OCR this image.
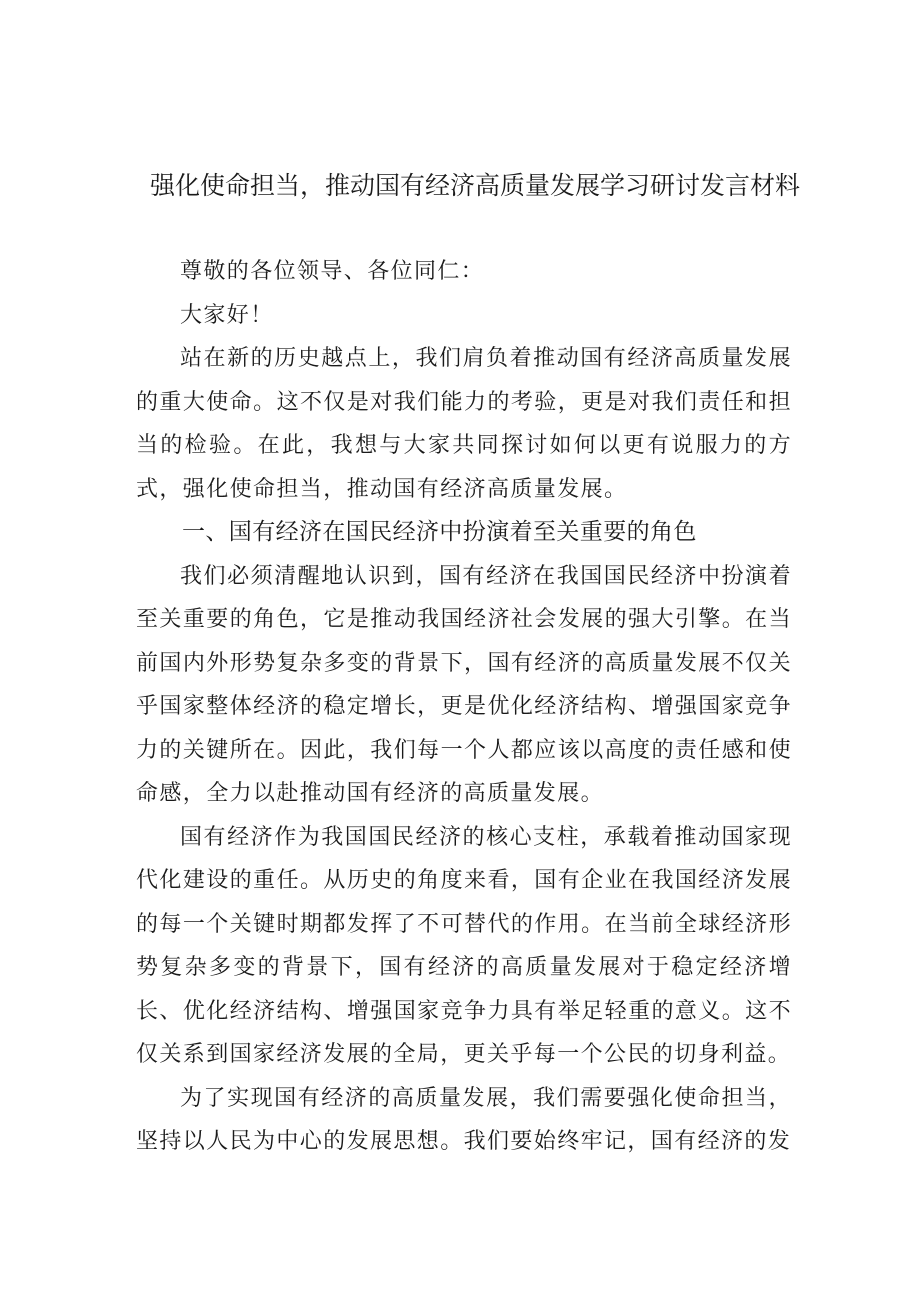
强化使命担当，推动国有经济高质量发展学习研讨发言材料

尊敬的各位领导、各位同仁：

大家好！

站在新的历史越点上，我们肩负着推动国有经济高质量发展的重大使命。这不仅是对我们能力的考验，更是对我们责任和担当的检验。在此，我想与大家共同探讨如何以更有说服力的方式，强化使命担当，推动国有经济高质量发展。

一、国有经济在国民经济中扮演着至关重要的角色

我们必须清醒地认识到，国有经济在我国国民经济中扮演着至关重要的角色，它是推动我国经济社会发展的强大引擎。在当前国内外形势复杂多变的背景下，国有经济的高质量发展不仅关乎国家整体经济的稳定增长，更是优化经济结构、增强国家竞争力的关键所在。因此，我们每一个人都应该以高度的责任感和使命感，全力以赴推动国有经济的高质量发展。

国有经济作为我国国民经济的核心支柱，承载着推动国家现代化建设的重任。从历史的角度来看，国有企业在我国经济发展的每一个关键时期都发挥了不可替代的作用。在当前全球经济形势复杂多变的背景下，国有经济的高质量发展对于稳定经济增长、优化经济结构、增强国家竞争力具有举足轻重的意义。这不仅关系到国家经济发展的全局，更关乎每一个公民的切身利益。

为了实现国有经济的高质量发展，我们需要强化使命担当，坚持以人民为中心的发展思想。我们要始终牢记，国有经济的发
